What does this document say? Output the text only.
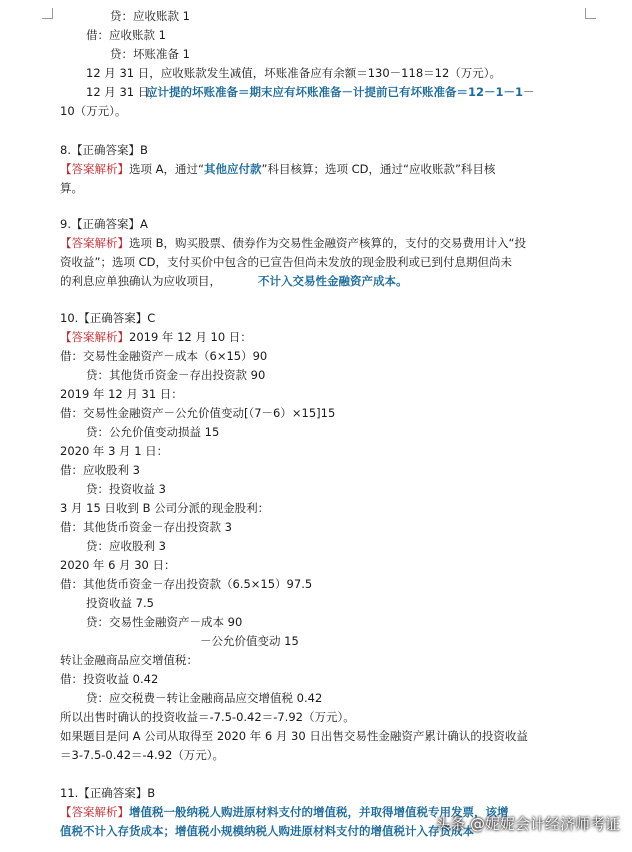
贷：应收账款 1
借：应收账款 1
贷：坏账准备 1
12 月 31 日，应收账款发生减值，坏账准备应有余额＝130－118＝12（万元）。
12 月 31 日，
10（万元）。
8.【正确答案】B
的利息应单独确认为应收项目，
10.【正确答案】C
借：交易性金融资产－成本（6×15）90
贷：其他货币资金－存出投资款 90
2019 年 12 月 31 日：
借：交易性金融资产－公允价值变动[（7－6）×15]15
贷：公允价值变动损益 15
2020 年 3 月 1 日：
借：应收股利 3
贷：投资收益 3
3 月 15 日收到 B 公司分派的现金股利：
借：其他货币资金－存出投资款 3
贷：应收股利 3
2020 年 6 月 30 日：
借：其他货币资金－存出投资款（6.5×15）97.5
投资收益 7.5
贷：交易性金融资产－成本 90
－公允价值变动 15
转让金融商品应交增值税：
借：投资收益 0.42
贷：应交税费－转让金融商品应交增值税 0.42
所以出售时确认的投资收益＝-7.5-0.42＝-7.92（万元）。
如果题目是问 A 公司从取得至 2020 年 6 月 30 日出售交易性金融资产累计确认的投资收益
＝3-7.5-0.42＝-4.92（万元）。
11.【正确答案】B
应计提的坏账准备＝期末应有坏账准备－计提前已有坏账准备＝12－1－1－
【答案解析】选项 A，通过“其他应付款”科目核算；选项 CD，通过“应收账款”科目核
算。
9.【正确答案】A
【答案解析】选项 B，购买股票、债券作为交易性金融资产核算的，支付的交易费用计入“投
资收益”；选项 CD，支付买价中包含的已宣告但尚未发放的现金股利或已到付息期但尚未
不计入交易性金融资产成本。
【答案解析】2019 年 12 月 10 日：
【答案解析】增值税一般纳税人购进原材料支付的增值税，并取得增值税专用发票，该增
值税不计入存货成本；增值税小规模纳税人购进原材料支付的增值税计入存货成本
头条 @妮妮会计经济师考证
